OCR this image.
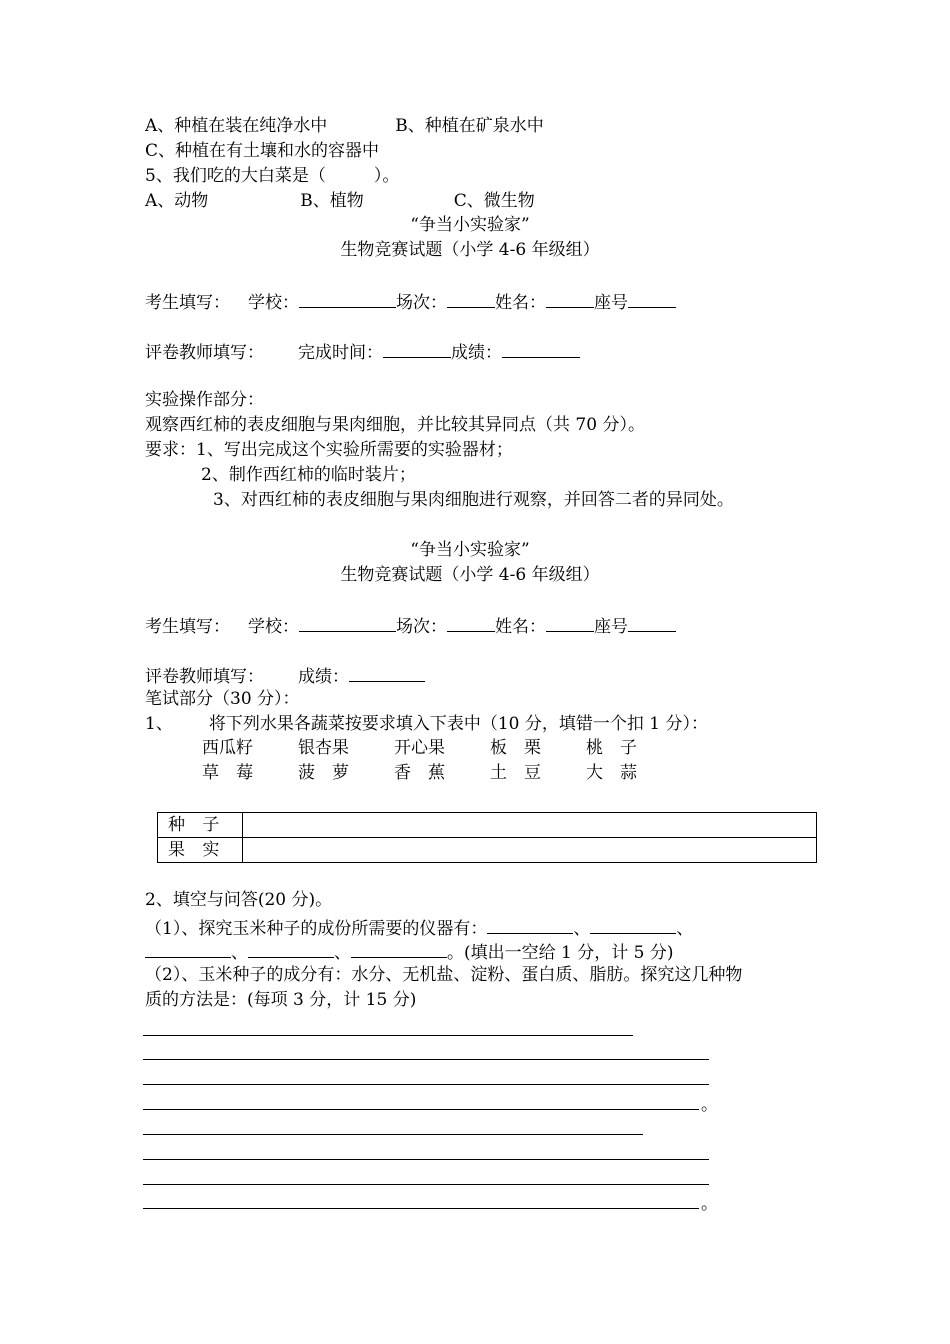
A、种植在装在纯净水中	B、种植在矿泉水中
C、种植在有土壤和水的容器中
5、我们吃的大白菜是（	）。
A、动物	B、植物	C、微生物
“争当小实验家”
生物竞赛试题（小学 4-6 年级组）
考生填写： 学校：	场次：	姓名：	座号
评卷教师填写： 完成时间：	成绩：
实验操作部分：
观察西红柿的表皮细胞与果肉细胞，并比较其异同点（共 70 分）。
要求：1、写出完成这个实验所需要的实验器材；
2、制作西红柿的临时装片；
3、对西红柿的表皮细胞与果肉细胞进行观察，并回答二者的异同处。
“争当小实验家”
生物竞赛试题（小学 4-6 年级组）
考生填写： 学校：	场次：	姓名：	座号
评卷教师填写： 成绩：
笔试部分（30 分）：
1、 将下列水果各蔬菜按要求填入下表中（10 分，填错一个扣 1 分）：
西瓜籽	银杏果	开心果	板　栗	桃　子
草　莓	菠　萝	香　蕉	土　豆	大　蒜
种 子	
果 实	
2、填空与问答(20 分)。
（1）、探究玉米种子的成份所需要的仪器有：	、	、
、	、	。(填出一空给 1 分，计 5 分)
（2）、玉米种子的成分有：水分、无机盐、淀粉、蛋白质、脂肪。探究这几种物
质的方法是：(每项 3 分，计 15 分)
。
。
